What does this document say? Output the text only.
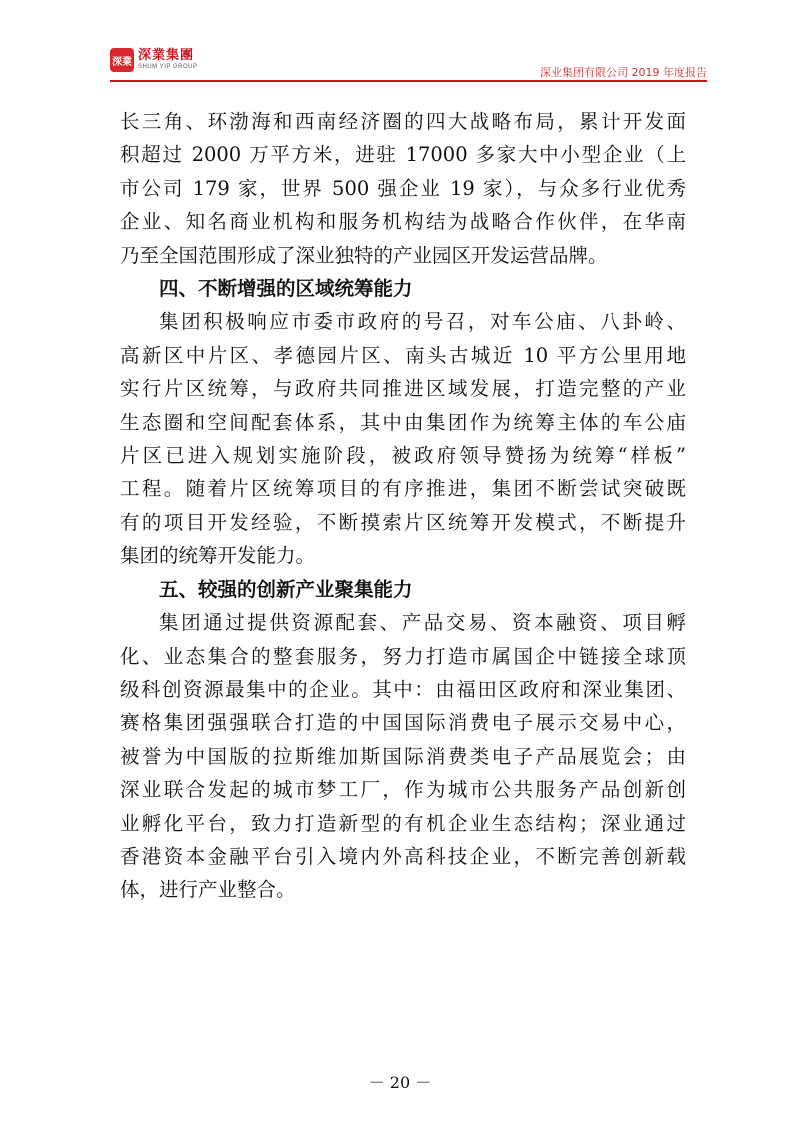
深業 深業集團
SHUM YIP GROUP	深业集团有限公司 2019 年度报告
长三角、环渤海和西南经济圈的四大战略布局，累计开发面
积超过 2000 万平方米，进驻 17000 多家大中小型企业（上
市公司 179 家，世界 500 强企业 19 家），与众多行业优秀
企业、知名商业机构和服务机构结为战略合作伙伴，在华南
乃至全国范围形成了深业独特的产业园区开发运营品牌。
四、不断增强的区域统筹能力
集团积极响应市委市政府的号召，对车公庙、八卦岭、
高新区中片区、孝德园片区、南头古城近 10 平方公里用地
实行片区统筹，与政府共同推进区域发展，打造完整的产业
生态圈和空间配套体系，其中由集团作为统筹主体的车公庙
片区已进入规划实施阶段，被政府领导赞扬为统筹“样板”
工程。随着片区统筹项目的有序推进，集团不断尝试突破既
有的项目开发经验，不断摸索片区统筹开发模式，不断提升
集团的统筹开发能力。
五、较强的创新产业聚集能力
集团通过提供资源配套、产品交易、资本融资、项目孵
化、业态集合的整套服务，努力打造市属国企中链接全球顶
级科创资源最集中的企业。其中：由福田区政府和深业集团、
赛格集团强强联合打造的中国国际消费电子展示交易中心，
被誉为中国版的拉斯维加斯国际消费类电子产品展览会；由
深业联合发起的城市梦工厂，作为城市公共服务产品创新创
业孵化平台，致力打造新型的有机企业生态结构；深业通过
香港资本金融平台引入境内外高科技企业，不断完善创新载
体，进行产业整合。
－ 20 －
